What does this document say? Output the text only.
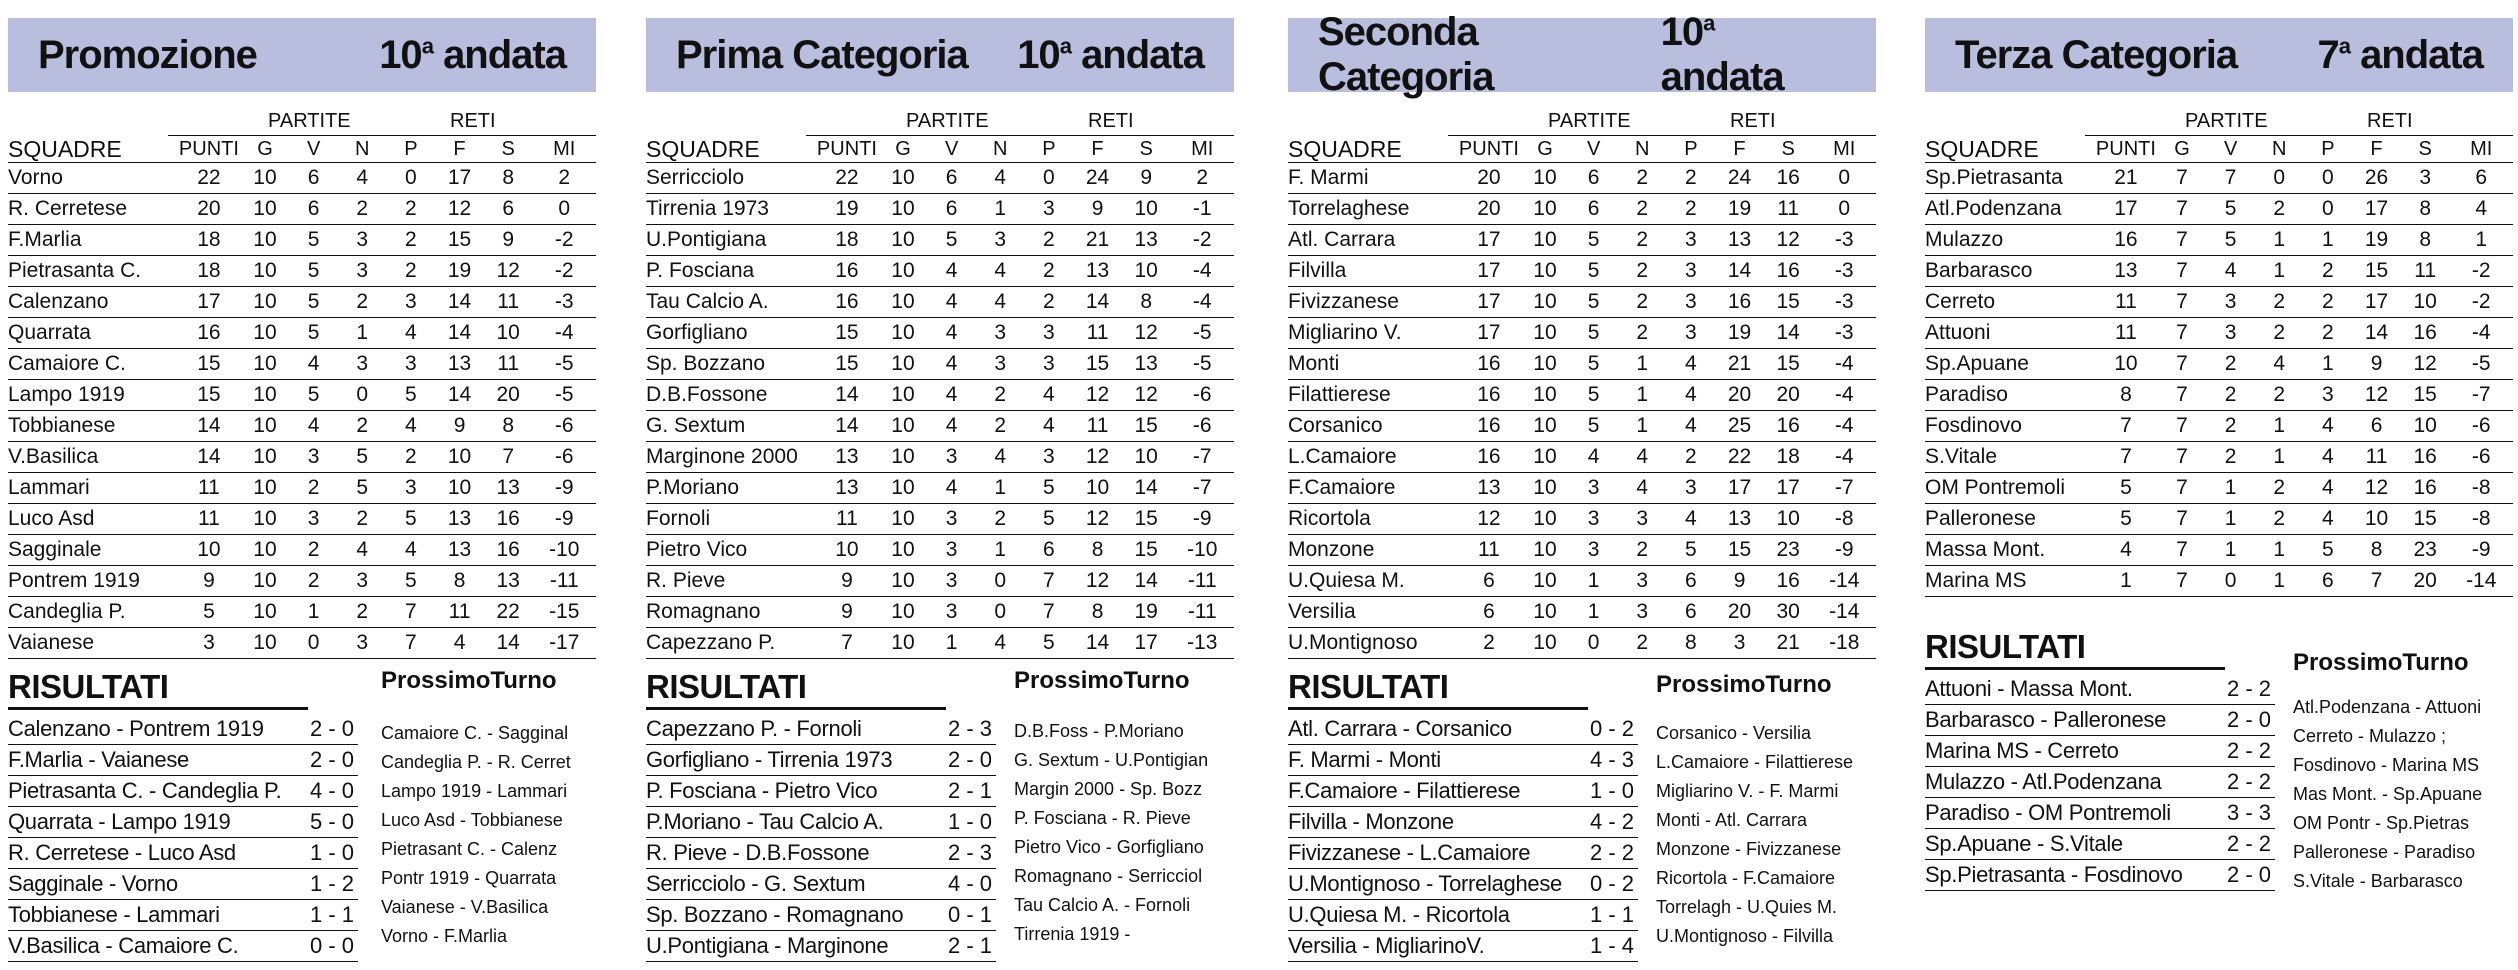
Promozione	10$^a$ andata
PARTITE	RETI
SQUADRE	PUNTI	G	V	N	P	F	S	MI
Vorno	22	10	6	4	0	17	8	2
R. Cerretese	20	10	6	2	2	12	6	0
F.Marlia	18	10	5	3	2	15	9	-2
Pietrasanta C.	18	10	5	3	2	19	12	-2
Calenzano	17	10	5	2	3	14	11	-3
Quarrata	16	10	5	1	4	14	10	-4
Camaiore C.	15	10	4	3	3	13	11	-5
Lampo 1919	15	10	5	0	5	14	20	-5
Tobbianese	14	10	4	2	4	9	8	-6
V.Basilica	14	10	3	5	2	10	7	-6
Lammari	11	10	2	5	3	10	13	-9
Luco Asd	11	10	3	2	5	13	16	-9
Sagginale	10	10	2	4	4	13	16	-10
Pontrem 1919	9	10	2	3	5	8	13	-11
Candeglia P.	5	10	1	2	7	11	22	-15
Vaianese	3	10	0	3	7	4	14	-17
RISULTATI
Calenzano - Pontrem 1919	2 - 0
F.Marlia - Vaianese	2 - 0
Pietrasanta C. - Candeglia P.	4 - 0
Quarrata - Lampo 1919	5 - 0
R. Cerretese - Luco Asd	1 - 0
Sagginale - Vorno	1 - 2
Tobbianese - Lammari	1 - 1
V.Basilica - Camaiore C.	0 - 0
ProssimoTurno
Camaiore C. - Sagginal
Candeglia P. - R. Cerret
Lampo 1919 - Lammari
Luco Asd - Tobbianese
Pietrasant C. - Calenz
Pontr 1919 - Quarrata
Vaianese - V.Basilica
Vorno - F.Marlia
Prima Categoria 10$^a$ andata
PARTITE	RETI
SQUADRE	PUNTI	G	V	N	P	F	S	MI
Serricciolo	22	10	6	4	0	24	9	2
Tirrenia 1973	19	10	6	1	3	9	10	-1
U.Pontigiana	18	10	5	3	2	21	13	-2
P. Fosciana	16	10	4	4	2	13	10	-4
Tau Calcio A.	16	10	4	4	2	14	8	-4
Gorfigliano	15	10	4	3	3	11	12	-5
Sp. Bozzano	15	10	4	3	3	15	13	-5
D.B.Fossone	14	10	4	2	4	12	12	-6
G. Sextum	14	10	4	2	4	11	15	-6
Marginone 2000	13	10	3	4	3	12	10	-7
P.Moriano	13	10	4	1	5	10	14	-7
Fornoli	11	10	3	2	5	12	15	-9
Pietro Vico	10	10	3	1	6	8	15	-10
R. Pieve	9	10	3	0	7	12	14	-11
Romagnano	9	10	3	0	7	8	19	-11
Capezzano P.	7	10	1	4	5	14	17	-13
RISULTATI
Capezzano P. - Fornoli	2 - 3
Gorfigliano - Tirrenia 1973	2 - 0
P. Fosciana - Pietro Vico	2 - 1
P.Moriano - Tau Calcio A.	1 - 0
R. Pieve - D.B.Fossone	2 - 3
Serricciolo - G. Sextum	4 - 0
Sp. Bozzano - Romagnano	0 - 1
U.Pontigiana - Marginone	2 - 1
ProssimoTurno
D.B.Foss - P.Moriano
G. Sextum - U.Pontigian
Margin 2000 - Sp. Bozz
P. Fosciana - R. Pieve
Pietro Vico - Gorfigliano
Romagnano - Serricciol
Tau Calcio A. - Fornoli
Tirrenia 1919 -
Seconda Categoria
10$^a$ andata
PARTITE	RETI
SQUADRE	PUNTI	G	V	N	P	F	S	MI
F. Marmi	20	10	6	2	2	24	16	0
Torrelaghese	20	10	6	2	2	19	11	0
Atl. Carrara	17	10	5	2	3	13	12	-3
Filvilla	17	10	5	2	3	14	16	-3
Fivizzanese	17	10	5	2	3	16	15	-3
Migliarino V.	17	10	5	2	3	19	14	-3
Monti	16	10	5	1	4	21	15	-4
Filattierese	16	10	5	1	4	20	20	-4
Corsanico	16	10	5	1	4	25	16	-4
L.Camaiore	16	10	4	4	2	22	18	-4
F.Camaiore	13	10	3	4	3	17	17	-7
Ricortola	12	10	3	3	4	13	10	-8
Monzone	11	10	3	2	5	15	23	-9
U.Quiesa M.	6	10	1	3	6	9	16	-14
Versilia	6	10	1	3	6	20	30	-14
U.Montignoso	2	10	0	2	8	3	21	-18
RISULTATI
Atl. Carrara - Corsanico	0 - 2
F. Marmi - Monti	4 - 3
F.Camaiore - Filattierese	1 - 0
Filvilla - Monzone	4 - 2
Fivizzanese - L.Camaiore	2 - 2
U.Montignoso - Torrelaghese	0 - 2
U.Quiesa M. - Ricortola	1 - 1
Versilia - MigliarinoV.	1 - 4
ProssimoTurno
Corsanico - Versilia
L.Camaiore - Filattierese
Migliarino V. - F. Marmi
Monti - Atl. Carrara
Monzone - Fivizzanese
Ricortola - F.Camaiore
Torrelagh - U.Quies M.
U.Montignoso - Filvilla
Terza Categoria 7$^a$ andata
PARTITE	RETI
SQUADRE	PUNTI	G	V	N	P	F	S	MI
Sp.Pietrasanta	21	7	7	0	0	26	3	6
Atl.Podenzana	17	7	5	2	0	17	8	4
Mulazzo	16	7	5	1	1	19	8	1
Barbarasco	13	7	4	1	2	15	11	-2
Cerreto	11	7	3	2	2	17	10	-2
Attuoni	11	7	3	2	2	14	16	-4
Sp.Apuane	10	7	2	4	1	9	12	-5
Paradiso	8	7	2	2	3	12	15	-7
Fosdinovo	7	7	2	1	4	6	10	-6
S.Vitale	7	7	2	1	4	11	16	-6
OM Pontremoli	5	7	1	2	4	12	16	-8
Palleronese	5	7	1	2	4	10	15	-8
Massa Mont.	4	7	1	1	5	8	23	-9
Marina MS	1	7	0	1	6	7	20	-14
RISULTATI
Attuoni - Massa Mont.	2 - 2
Barbarasco - Palleronese	2 - 0
Marina MS - Cerreto	2 - 2
Mulazzo - Atl.Podenzana	2 - 2
Paradiso - OM Pontremoli	3 - 3
Sp.Apuane - S.Vitale	2 - 2
Sp.Pietrasanta - Fosdinovo	2 - 0
ProssimoTurno
Atl.Podenzana - Attuoni
Cerreto - Mulazzo ;
Fosdinovo - Marina MS
Mas Mont. - Sp.Apuane
OM Pontr - Sp.Pietras
Palleronese - Paradiso
S.Vitale - Barbarasco
